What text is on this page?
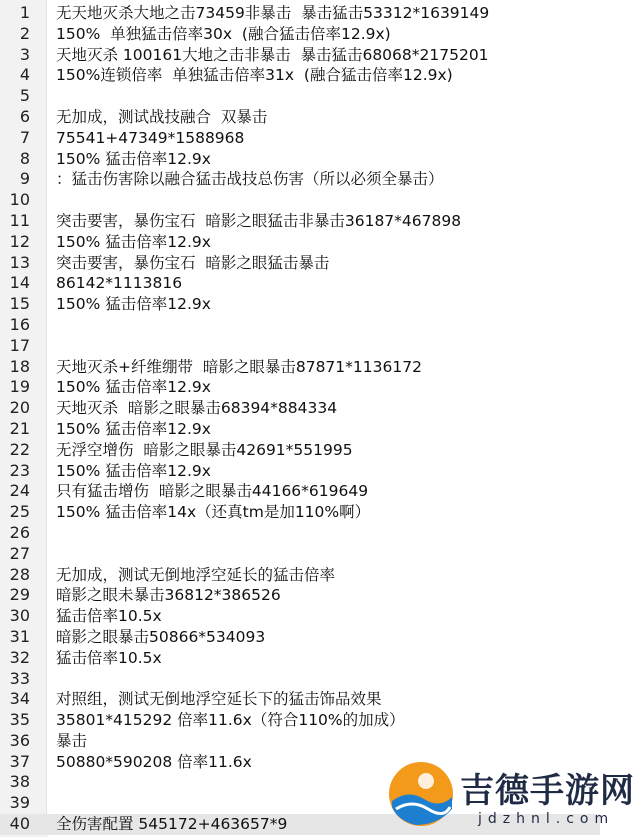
1 无天地灭杀大地之击73459非暴击  暴击猛击53312*1639149
2 150%  单独猛击倍率30x  (融合猛击倍率12.9x)
3 天地灭杀 100161大地之击非暴击  暴击猛击68068*2175201
4 150%连锁倍率  单独猛击倍率31x  (融合猛击倍率12.9x)
5
6 无加成，测试战技融合  双暴击
7 75541+47349*1588968
8 150% 猛击倍率12.9x
9 ：猛击伤害除以融合猛击战技总伤害（所以必须全暴击）
10
11 突击要害，暴伤宝石  暗影之眼猛击非暴击36187*467898
12 150% 猛击倍率12.9x
13 突击要害，暴伤宝石  暗影之眼猛击暴击
14 86142*1113816
15 150% 猛击倍率12.9x
16
17
18 天地灭杀+纤维绷带  暗影之眼暴击87871*1136172
19 150% 猛击倍率12.9x
20 天地灭杀  暗影之眼暴击68394*884334
21 150% 猛击倍率12.9x
22 无浮空增伤  暗影之眼暴击42691*551995
23 150% 猛击倍率12.9x
24 只有猛击增伤  暗影之眼暴击44166*619649
25 150% 猛击倍率14x（还真tm是加110%啊）
26
27
28 无加成，测试无倒地浮空延长的猛击倍率
29 暗影之眼未暴击36812*386526
30 猛击倍率10.5x
31 暗影之眼暴击50866*534093
32 猛击倍率10.5x
33
34 对照组，测试无倒地浮空延长下的猛击饰品效果
35 35801*415292 倍率11.6x（符合110%的加成）
36 暴击
37 50880*590208 倍率11.6x
38
39
40 全伤害配置 545172+463657*9
吉德手游网
jdzhnl.com
